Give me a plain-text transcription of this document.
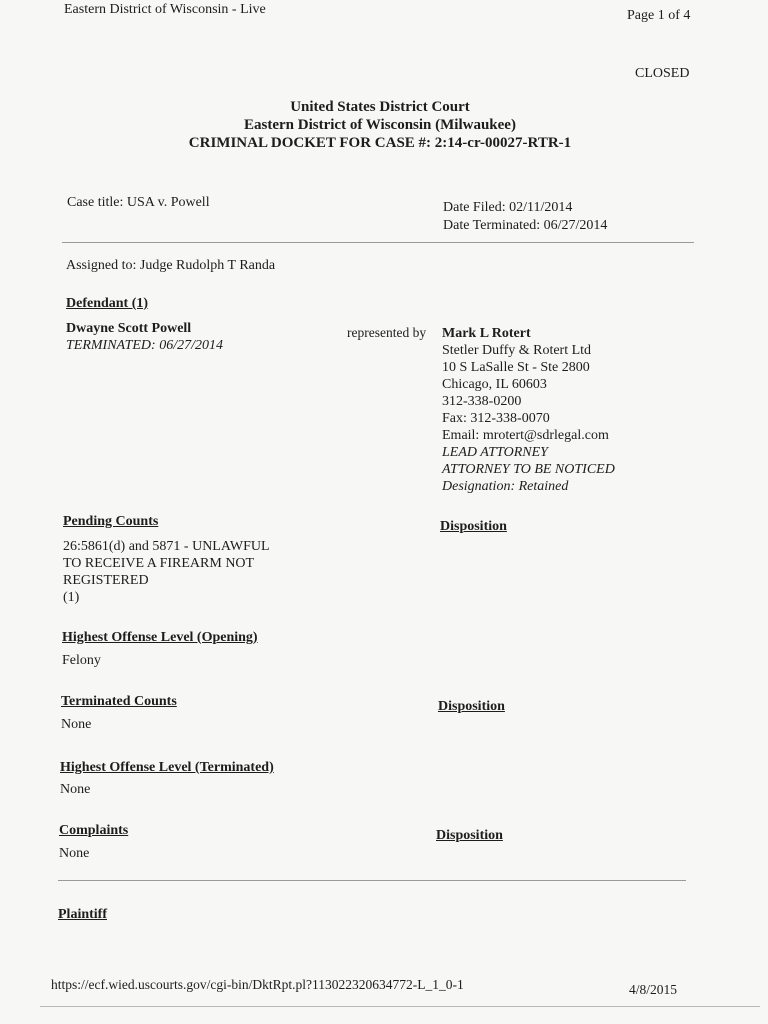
Eastern District of Wisconsin - Live	Page 1 of 4
CLOSED
United States District Court
Eastern District of Wisconsin (Milwaukee)
CRIMINAL DOCKET FOR CASE #: 2:14-cr-00027-RTR-1
Case title: USA v. Powell	Date Filed: 02/11/2014
Date Terminated: 06/27/2014
Assigned to: Judge Rudolph T Randa
Defendant (1)
Dwayne Scott Powell
TERMINATED: 06/27/2014
represented by Mark L Rotert
Stetler Duffy & Rotert Ltd
10 S LaSalle St - Ste 2800
Chicago, IL 60603
312-338-0200
Fax: 312-338-0070
Email: mrotert@sdrlegal.com
LEAD ATTORNEY
ATTORNEY TO BE NOTICED
Designation: Retained
Pending Counts	Disposition
26:5861(d) and 5871 - UNLAWFUL
TO RECEIVE A FIREARM NOT
REGISTERED
(1)
Highest Offense Level (Opening)
Felony
Terminated Counts	Disposition
None
Highest Offense Level (Terminated)
None
Complaints	Disposition
None
Plaintiff
https://ecf.wied.uscourts.gov/cgi-bin/DktRpt.pl?113022320634772-L_1_0-1	4/8/2015
